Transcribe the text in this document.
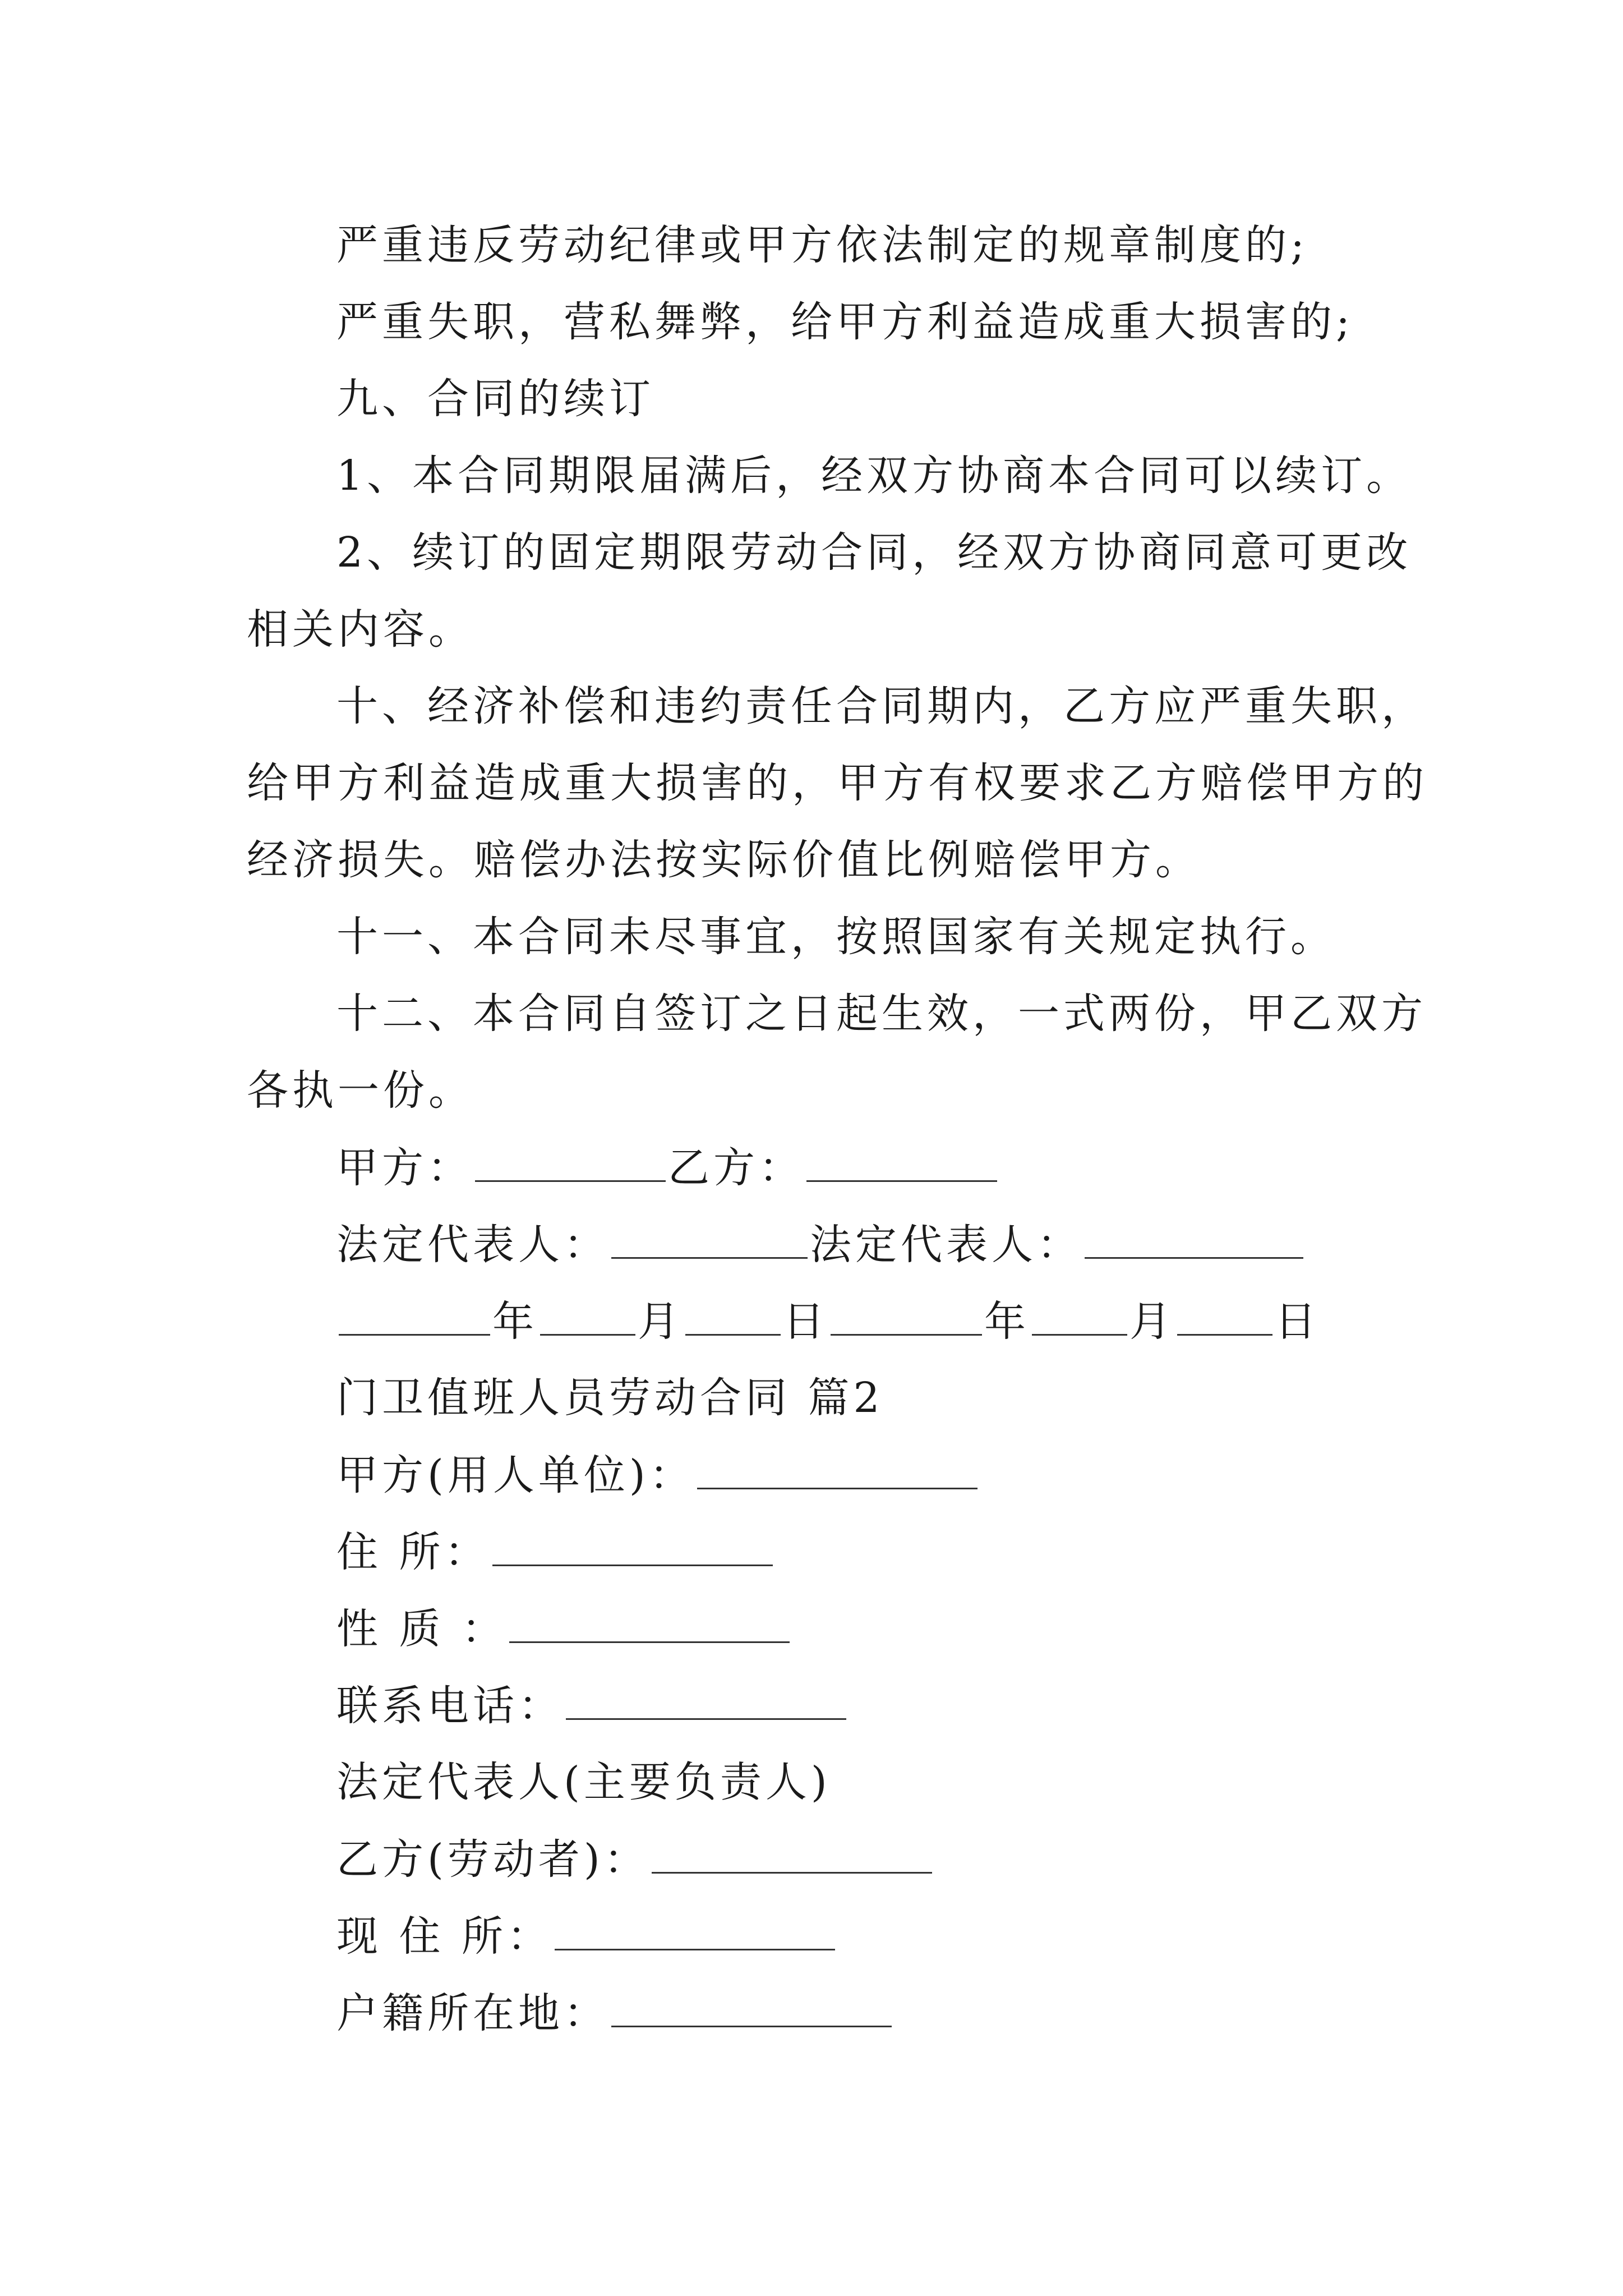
严重违反劳动纪律或甲方依法制定的规章制度的;
严重失职，营私舞弊，给甲方利益造成重大损害的;
九、合同的续订
1、本合同期限届满后，经双方协商本合同可以续订。
2、续订的固定期限劳动合同，经双方协商同意可更改
相关内容。
十、经济补偿和违约责任合同期内，乙方应严重失职，
给甲方利益造成重大损害的，甲方有权要求乙方赔偿甲方的
经济损失。赔偿办法按实际价值比例赔偿甲方。
十一、本合同未尽事宜，按照国家有关规定执行。
十二、本合同自签订之日起生效，一式两份，甲乙双方
各执一份。
甲方：	乙方：
法定代表人：	法定代表人：
年 月 日	年 月 日
门卫值班人员劳动合同 篇2
甲方(用人单位)：
住 所：
性 质 ：
联系电话：
法定代表人(主要负责人)
乙方(劳动者)：
现 住 所：
户籍所在地：
